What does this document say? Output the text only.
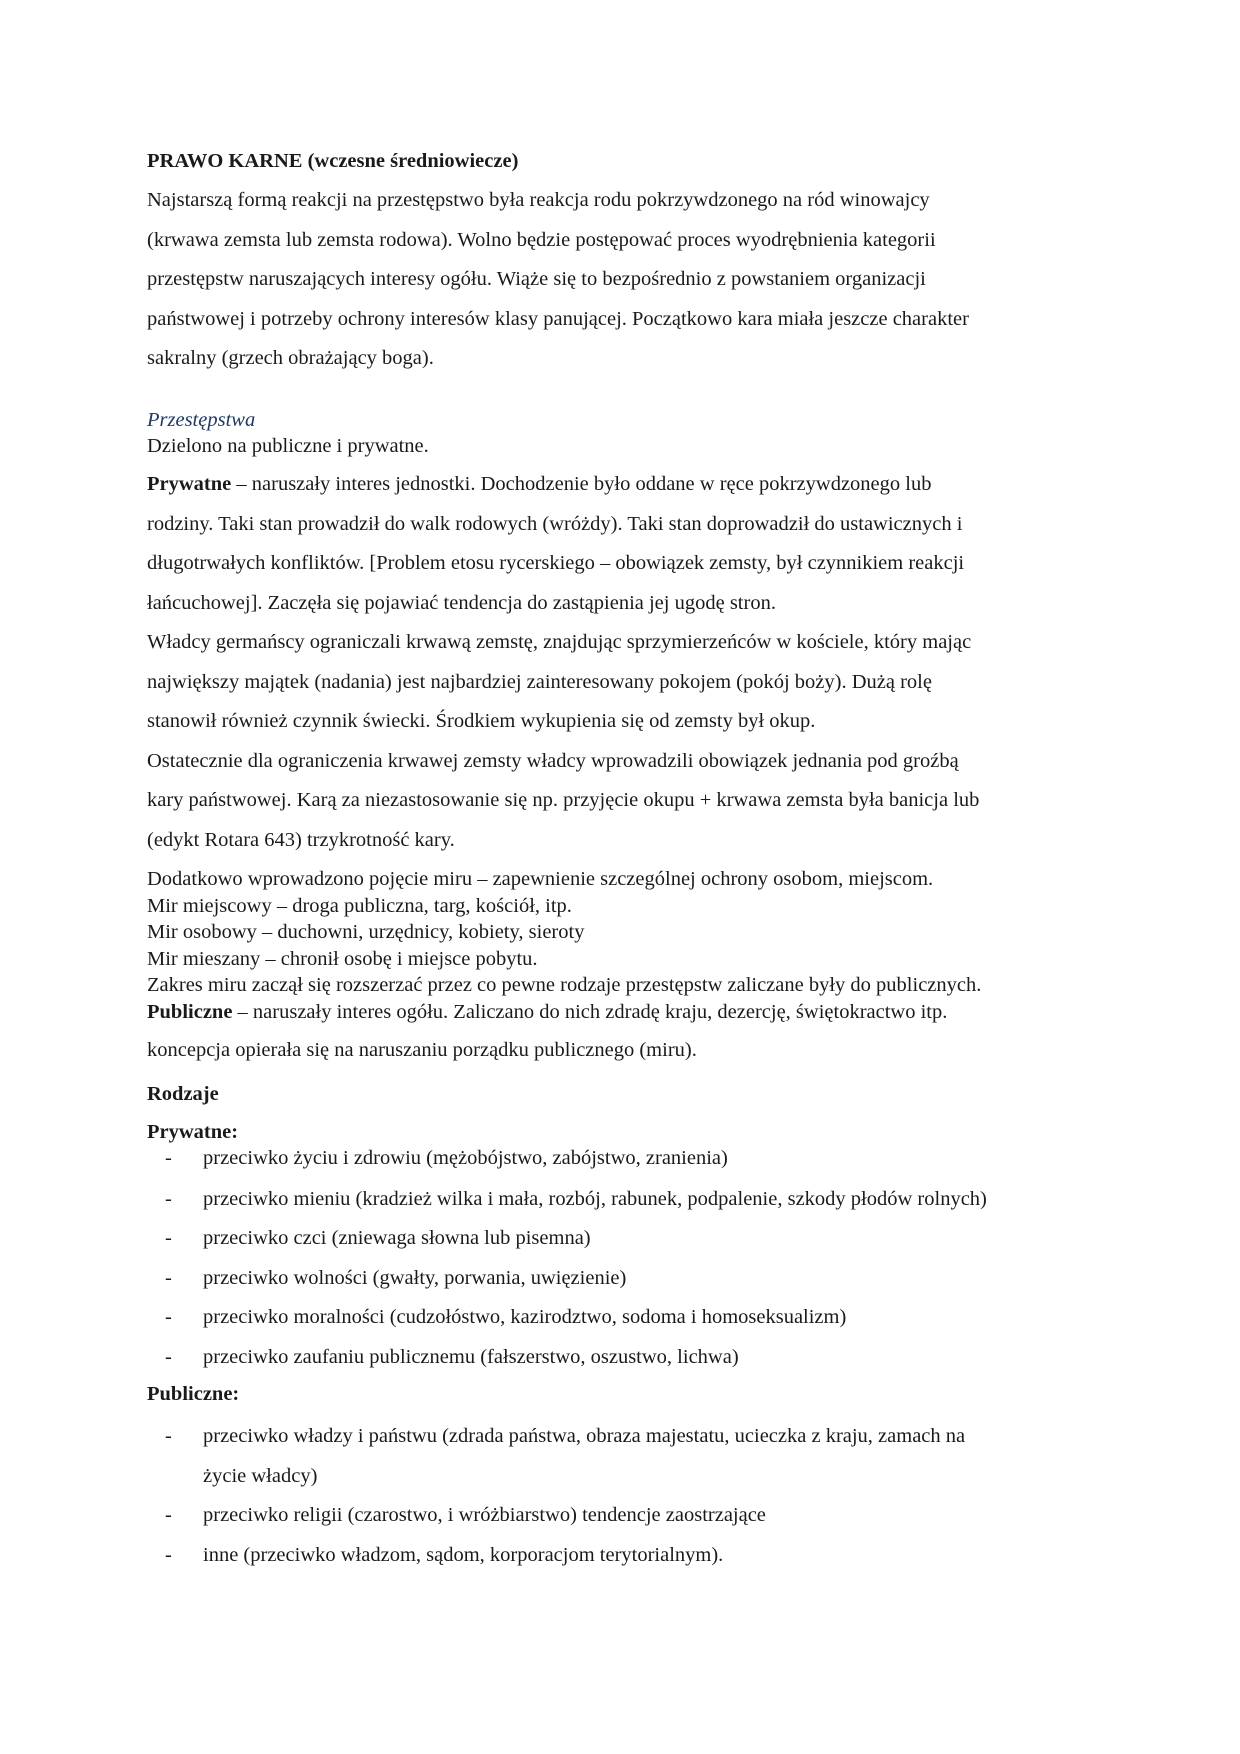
PRAWO KARNE (wczesne średniowiecze)
Najstarszą formą reakcji na przestępstwo była reakcja rodu pokrzywdzonego na ród winowajcy
(krwawa zemsta lub zemsta rodowa). Wolno będzie postępować proces wyodrębnienia kategorii
przestępstw naruszających interesy ogółu. Wiąże się to bezpośrednio z powstaniem organizacji
państwowej i potrzeby ochrony interesów klasy panującej. Początkowo kara miała jeszcze charakter
sakralny (grzech obrażający boga).
Przestępstwa
Dzielono na publiczne i prywatne.
Prywatne – naruszały interes jednostki. Dochodzenie było oddane w ręce pokrzywdzonego lub
rodziny. Taki stan prowadził do walk rodowych (wróżdy). Taki stan doprowadził do ustawicznych i
długotrwałych konfliktów. [Problem etosu rycerskiego – obowiązek zemsty, był czynnikiem reakcji
łańcuchowej]. Zaczęła się pojawiać tendencja do zastąpienia jej ugodę stron.
Władcy germańscy ograniczali krwawą zemstę, znajdując sprzymierzeńców w kościele, który mając
największy majątek (nadania) jest najbardziej zainteresowany pokojem (pokój boży). Dużą rolę
stanowił również czynnik świecki. Środkiem wykupienia się od zemsty był okup.
Ostatecznie dla ograniczenia krwawej zemsty władcy wprowadzili obowiązek jednania pod groźbą
kary państwowej. Karą za niezastosowanie się np. przyjęcie okupu + krwawa zemsta była banicja lub
(edykt Rotara 643) trzykrotność kary.
Dodatkowo wprowadzono pojęcie miru – zapewnienie szczególnej ochrony osobom, miejscom.
Mir miejscowy – droga publiczna, targ, kościół, itp.
Mir osobowy – duchowni, urzędnicy, kobiety, sieroty
Mir mieszany – chronił osobę i miejsce pobytu.
Zakres miru zaczął się rozszerzać przez co pewne rodzaje przestępstw zaliczane były do publicznych.
Publiczne – naruszały interes ogółu. Zaliczano do nich zdradę kraju, dezercję, świętokractwo itp.
koncepcja opierała się na naruszaniu porządku publicznego (miru).
Rodzaje
Prywatne:
- przeciwko życiu i zdrowiu (mężobójstwo, zabójstwo, zranienia)
- przeciwko mieniu (kradzież wilka i mała, rozbój, rabunek, podpalenie, szkody płodów rolnych)
- przeciwko czci (zniewaga słowna lub pisemna)
- przeciwko wolności (gwałty, porwania, uwięzienie)
- przeciwko moralności (cudzołóstwo, kazirodztwo, sodoma i homoseksualizm)
- przeciwko zaufaniu publicznemu (fałszerstwo, oszustwo, lichwa)
Publiczne:
- przeciwko władzy i państwu (zdrada państwa, obraza majestatu, ucieczka z kraju, zamach na
życie władcy)
- przeciwko religii (czarostwo, i wróżbiarstwo) tendencje zaostrzające
- inne (przeciwko władzom, sądom, korporacjom terytorialnym).
